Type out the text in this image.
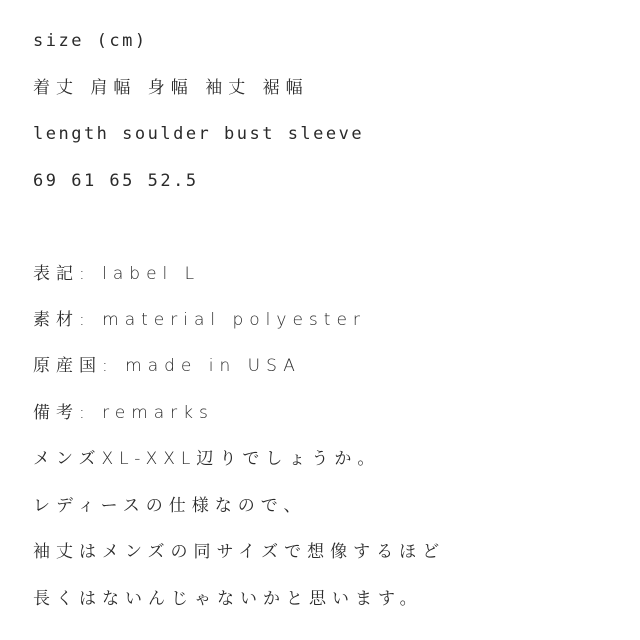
size (cm)
着丈 肩幅 身幅 袖丈 裾幅
length soulder bust sleeve
69 61 65 52.5
表記: label L
素材: material polyester
原産国: made in USA
備考: remarks
メンズXL-XXL辺りでしょうか。
レディースの仕様なので、
袖丈はメンズの同サイズで想像するほど
長くはないんじゃないかと思います。
